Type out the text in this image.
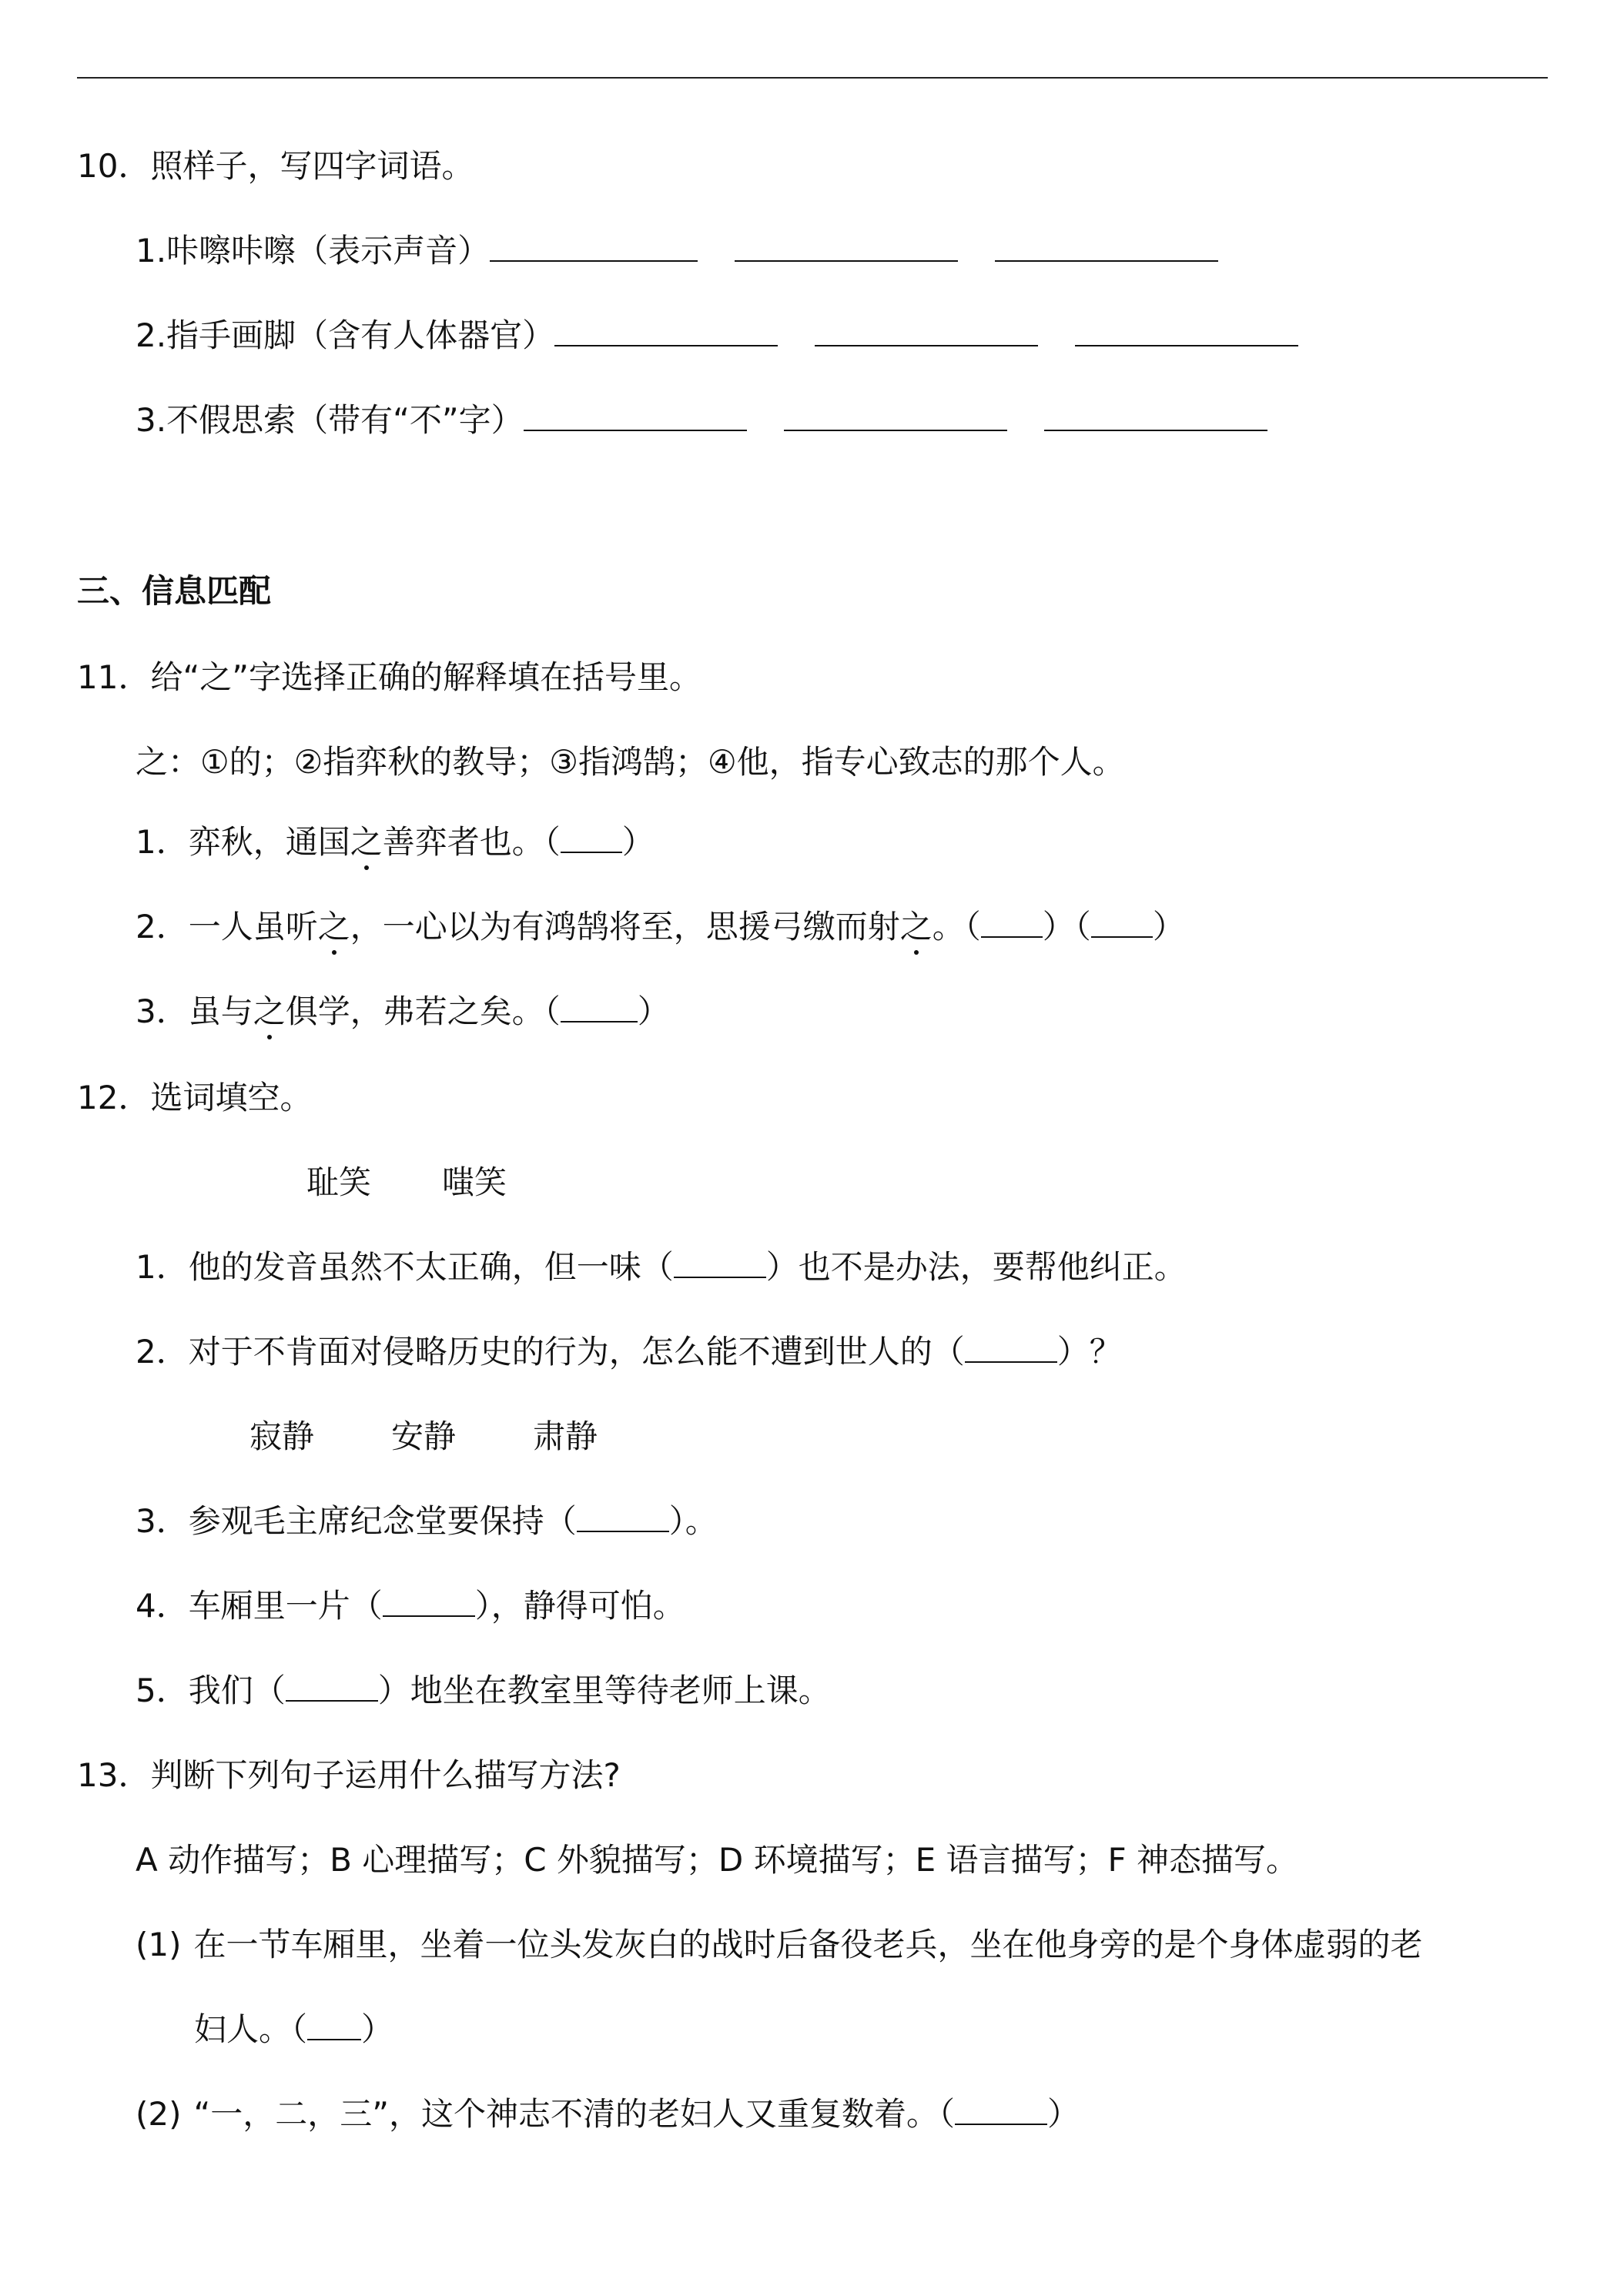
10．照样子，写四字词语。
1.咔嚓咔嚓（表示声音）
2.指手画脚（含有人体器官）
3.不假思索（带有“不”字）
三、信息匹配
11．给“之”字选择正确的解释填在括号里。
之：①的；②指弈秋的教导；③指鸿鹄；④他，指专心致志的那个人。
1．弈秋，通国之善弈者也。（ ）
2．一人虽听之，一心以为有鸿鹄将至，思援弓缴而射之。（ ）（ ）
3．虽与之俱学，弗若之矣。（ ）
12．选词填空。
耻笑 嗤笑
1．他的发音虽然不太正确，但一味（	）也不是办法，要帮他纠正。
2．对于不肯面对侵略历史的行为，怎么能不遭到世人的（	）？
寂静 安静 肃静
3．参观毛主席纪念堂要保持（	）。
4．车厢里一片（	），静得可怕。
5．我们（	）地坐在教室里等待老师上课。
13．判断下列句子运用什么描写方法?
A 动作描写；B 心理描写；C 外貌描写；D 环境描写；E 语言描写；F 神态描写。
(1) 在一节车厢里，坐着一位头发灰白的战时后备役老兵，坐在他身旁的是个身体虚弱的老
妇人。（ ）
(2) “一，二，三”，这个神志不清的老妇人又重复数着。（	）
